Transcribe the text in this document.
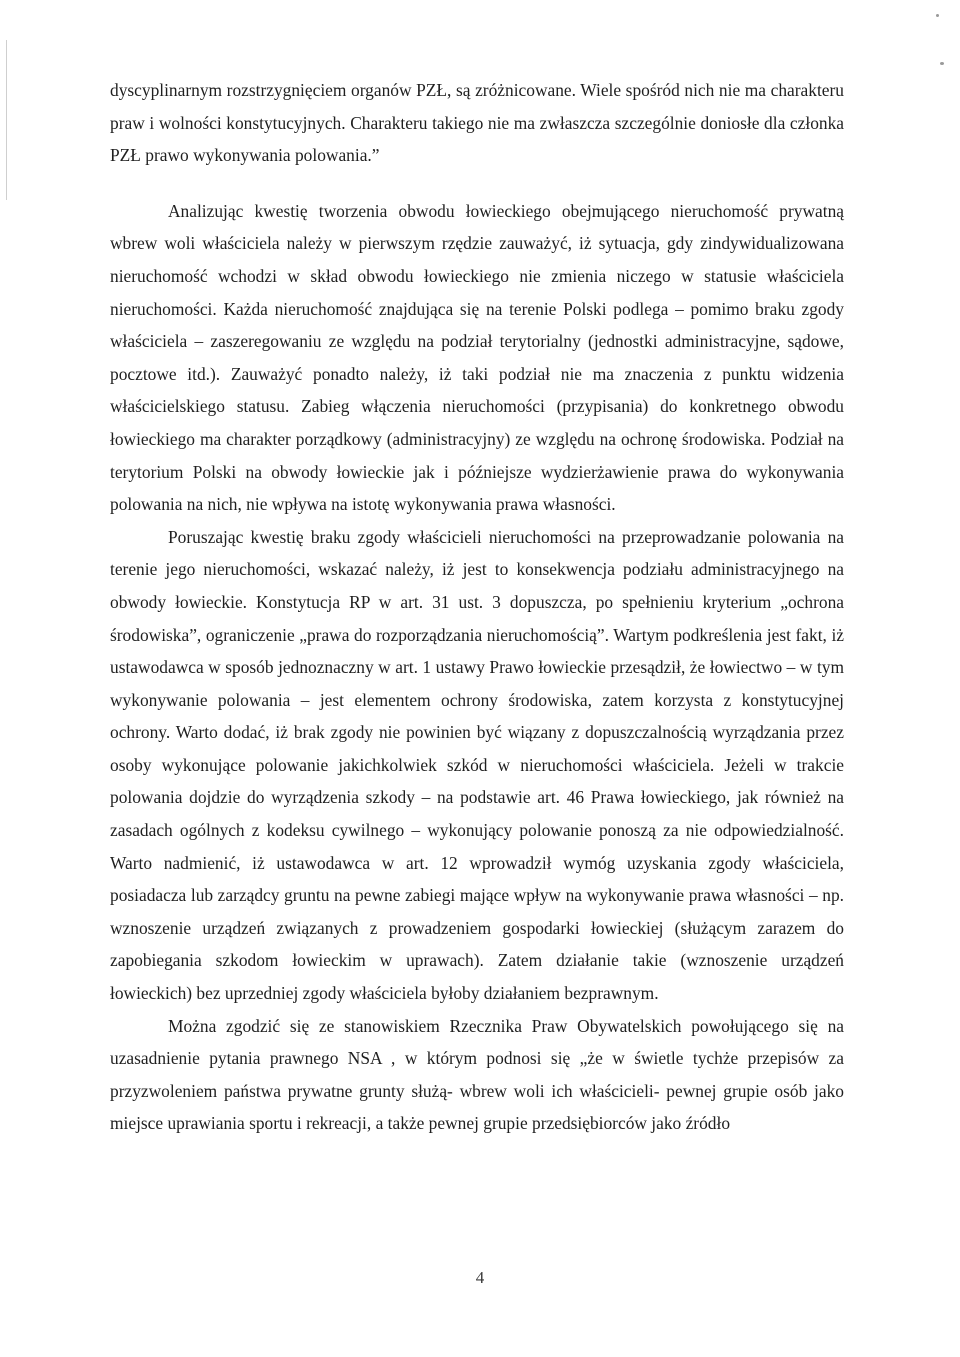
dyscyplinarnym rozstrzygnięciem organów PZŁ, są zróżnicowane. Wiele spośród nich nie ma charakteru praw i wolności konstytucyjnych. Charakteru takiego nie ma zwłaszcza szczególnie doniosłe dla członka PZŁ prawo wykonywania polowania.”

Analizując kwestię tworzenia obwodu łowieckiego obejmującego nieruchomość prywatną wbrew woli właściciela należy w pierwszym rzędzie zauważyć, iż sytuacja, gdy zindywidualizowana nieruchomość wchodzi w skład obwodu łowieckiego nie zmienia niczego w statusie właściciela nieruchomości. Każda nieruchomość znajdująca się na terenie Polski podlega – pomimo braku zgody właściciela – zaszeregowaniu ze względu na podział terytorialny (jednostki administracyjne, sądowe, pocztowe itd.). Zauważyć ponadto należy, iż taki podział nie ma znaczenia z punktu widzenia właścicielskiego statusu. Zabieg włączenia nieruchomości (przypisania) do konkretnego obwodu łowieckiego ma charakter porządkowy (administracyjny) ze względu na ochronę środowiska. Podział na terytorium Polski na obwody łowieckie jak i późniejsze wydzierżawienie prawa do wykonywania polowania na nich, nie wpływa na istotę wykonywania prawa własności.

Poruszając kwestię braku zgody właścicieli nieruchomości na przeprowadzanie polowania na terenie jego nieruchomości, wskazać należy, iż jest to konsekwencja podziału administracyjnego na obwody łowieckie. Konstytucja RP w art. 31 ust. 3 dopuszcza, po spełnieniu kryterium „ochrona środowiska”, ograniczenie „prawa do rozporządzania nieruchomością”. Wartym podkreślenia jest fakt, iż ustawodawca w sposób jednoznaczny w art. 1 ustawy Prawo łowieckie przesądził, że łowiectwo – w tym wykonywanie polowania – jest elementem ochrony środowiska, zatem korzysta z konstytucyjnej ochrony. Warto dodać, iż brak zgody nie powinien być wiązany z dopuszczalnością wyrządzania przez osoby wykonujące polowanie jakichkolwiek szkód w nieruchomości właściciela. Jeżeli w trakcie polowania dojdzie do wyrządzenia szkody – na podstawie art. 46 Prawa łowieckiego, jak również na zasadach ogólnych z kodeksu cywilnego – wykonujący polowanie ponoszą za nie odpowiedzialność. Warto nadmienić, iż ustawodawca w art. 12 wprowadził wymóg uzyskania zgody właściciela, posiadacza lub zarządcy gruntu na pewne zabiegi mające wpływ na wykonywanie prawa własności – np. wznoszenie urządzeń związanych z prowadzeniem gospodarki łowieckiej (służącym zarazem do zapobiegania szkodom łowieckim w uprawach). Zatem działanie takie (wznoszenie urządzeń łowieckich) bez uprzedniej zgody właściciela byłoby działaniem bezprawnym.

Można zgodzić się ze stanowiskiem Rzecznika Praw Obywatelskich powołującego się na uzasadnienie pytania prawnego NSA , w którym podnosi się „że w świetle tychże przepisów za przyzwoleniem państwa prywatne grunty służą- wbrew woli ich właścicieli- pewnej grupie osób jako miejsce uprawiania sportu i rekreacji, a także pewnej grupie przedsiębiorców jako źródło

4
